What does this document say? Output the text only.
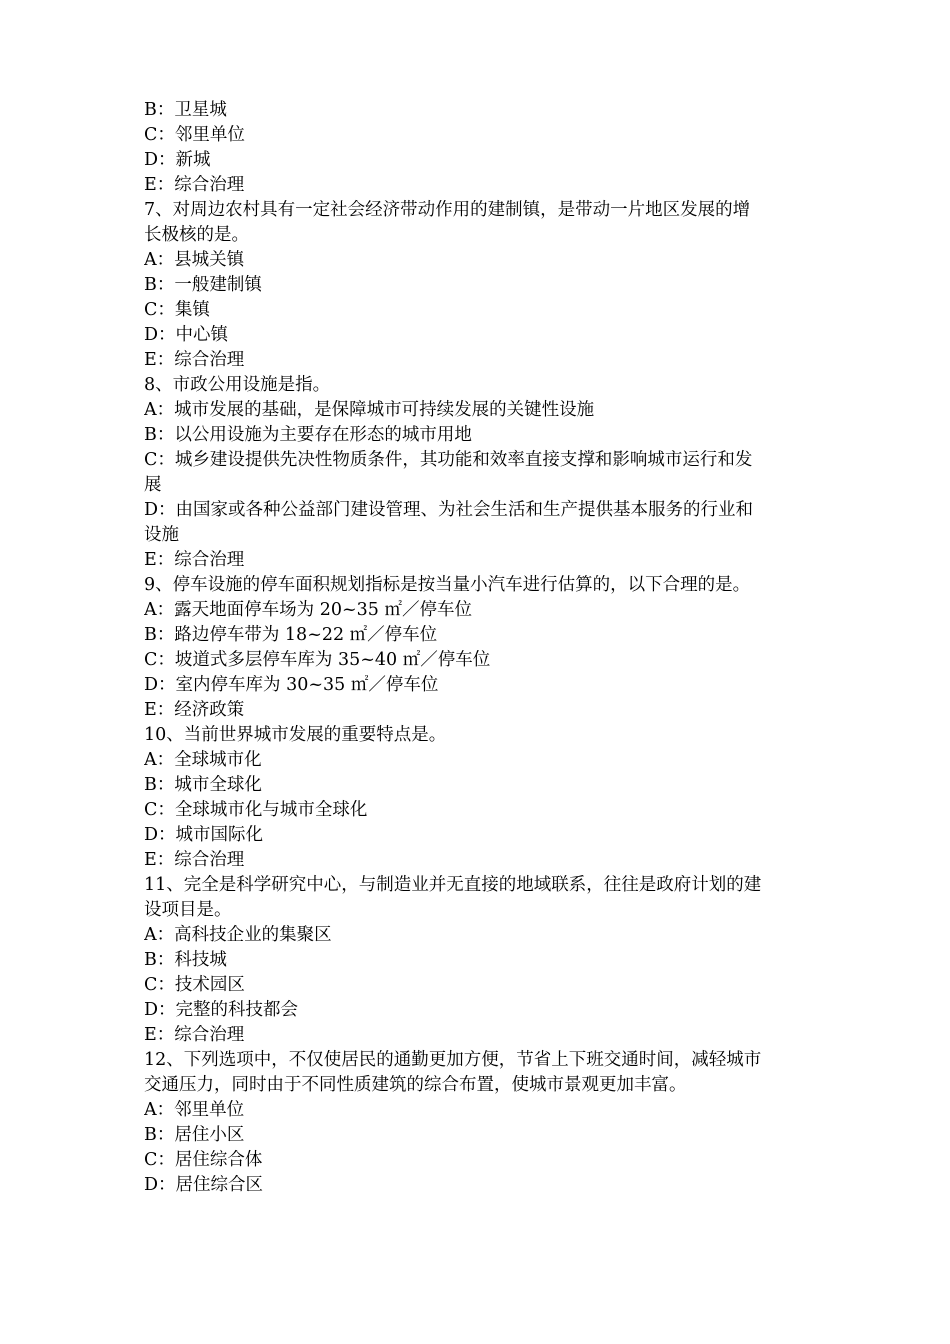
B：卫星城
C：邻里单位
D：新城
E：综合治理
7、对周边农村具有一定社会经济带动作用的建制镇，是带动一片地区发展的增
长极核的是。
A：县城关镇
B：一般建制镇
C：集镇
D：中心镇
E：综合治理
8、市政公用设施是指。
A：城市发展的基础，是保障城市可持续发展的关键性设施
B：以公用设施为主要存在形态的城市用地
C：城乡建设提供先决性物质条件，其功能和效率直接支撑和影响城市运行和发
展
D：由国家或各种公益部门建设管理、为社会生活和生产提供基本服务的行业和
设施
E：综合治理
9、停车设施的停车面积规划指标是按当量小汽车进行估算的，以下合理的是。
A：露天地面停车场为 20~35 ㎡／停车位
B：路边停车带为 18~22 ㎡／停车位
C：坡道式多层停车库为 35~40 ㎡／停车位
D：室内停车库为 30~35 ㎡／停车位
E：经济政策
10、当前世界城市发展的重要特点是。
A：全球城市化
B：城市全球化
C：全球城市化与城市全球化
D：城市国际化
E：综合治理
11、完全是科学研究中心，与制造业并无直接的地域联系，往往是政府计划的建
设项目是。
A：高科技企业的集聚区
B：科技城
C：技术园区
D：完整的科技都会
E：综合治理
12、下列选项中，不仅使居民的通勤更加方便，节省上下班交通时间，减轻城市
交通压力，同时由于不同性质建筑的综合布置，使城市景观更加丰富。
A：邻里单位
B：居住小区
C：居住综合体
D：居住综合区
